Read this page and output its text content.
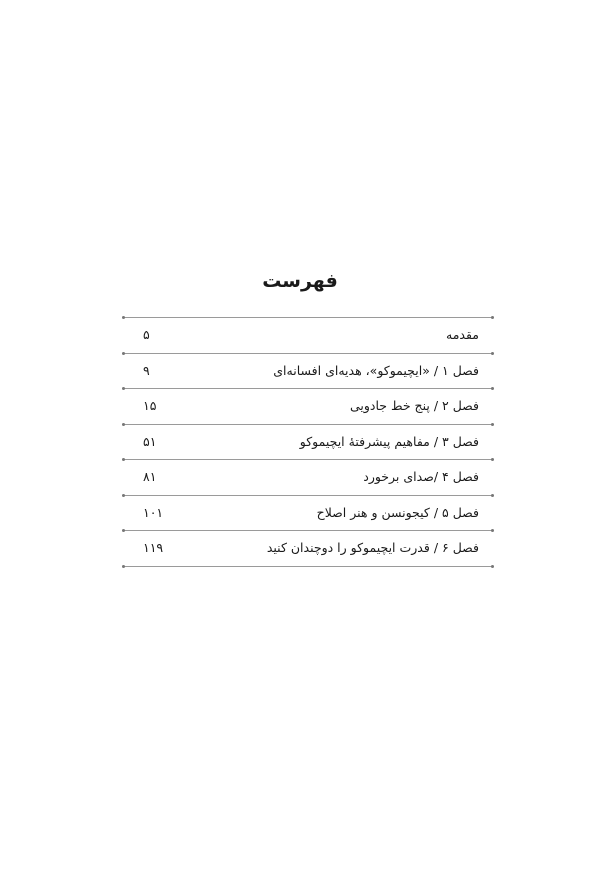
فهرست
مقدمه
۵
فصل ۱ / «ایچیموکو»، هدیه‌ای افسانه‌ای
۹
فصل ۲ / پنج خط جادویی
۱۵
فصل ۳ / مفاهیم پیشرفتهٔ ایچیموکو
۵۱
فصل ۴ /صدای برخورد
۸۱
فصل ۵ / کیجونسن و هنر اصلاح
۱۰۱
فصل ۶ / قدرت ایچیموکو را دوچندان کنید
۱۱۹
